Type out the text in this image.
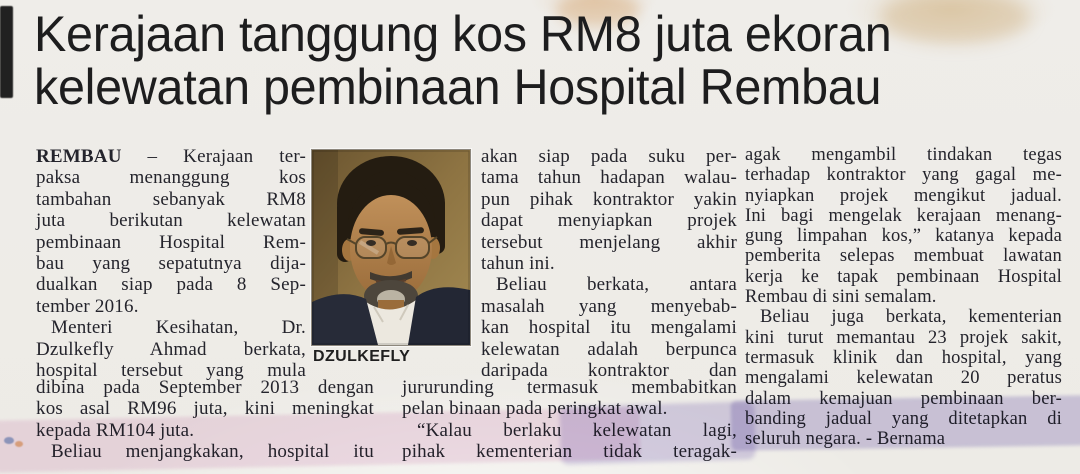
Kerajaan tanggung kos RM8 juta ekoran
kelewatan pembinaan Hospital Rembau
REMBAU – Kerajaan ter-
paksa menanggung kos
tambahan sebanyak RM8
juta berikutan kelewatan
pembinaan Hospital Rem-
bau yang sepatutnya dija-
dualkan siap pada 8 Sep-
tember 2016.
Menteri Kesihatan, Dr.
Dzulkefly Ahmad berkata,
hospital tersebut yang mula
dibina pada September 2013 dengan
kos asal RM96 juta, kini meningkat
kepada RM104 juta.
Beliau menjangkakan, hospital itu
DZULKEFLY
akan siap pada suku per-
tama tahun hadapan walau-
pun pihak kontraktor yakin
dapat menyiapkan projek
tersebut menjelang akhir
tahun ini.
Beliau berkata, antara
masalah yang menyebab-
kan hospital itu mengalami
kelewatan adalah berpunca
daripada kontraktor dan
jururunding termasuk membabitkan
pelan binaan pada peringkat awal.
“Kalau berlaku kelewatan lagi,
pihak kementerian tidak teragak-
agak mengambil tindakan tegas
terhadap kontraktor yang gagal me-
nyiapkan projek mengikut jadual.
Ini bagi mengelak kerajaan menang-
gung limpahan kos,” katanya kepada
pemberita selepas membuat lawatan
kerja ke tapak pembinaan Hospital
Rembau di sini semalam.
Beliau juga berkata, kementerian
kini turut memantau 23 projek sakit,
termasuk klinik dan hospital, yang
mengalami kelewatan 20 peratus
dalam kemajuan pembinaan ber-
banding jadual yang ditetapkan di
seluruh negara. - Bernama
